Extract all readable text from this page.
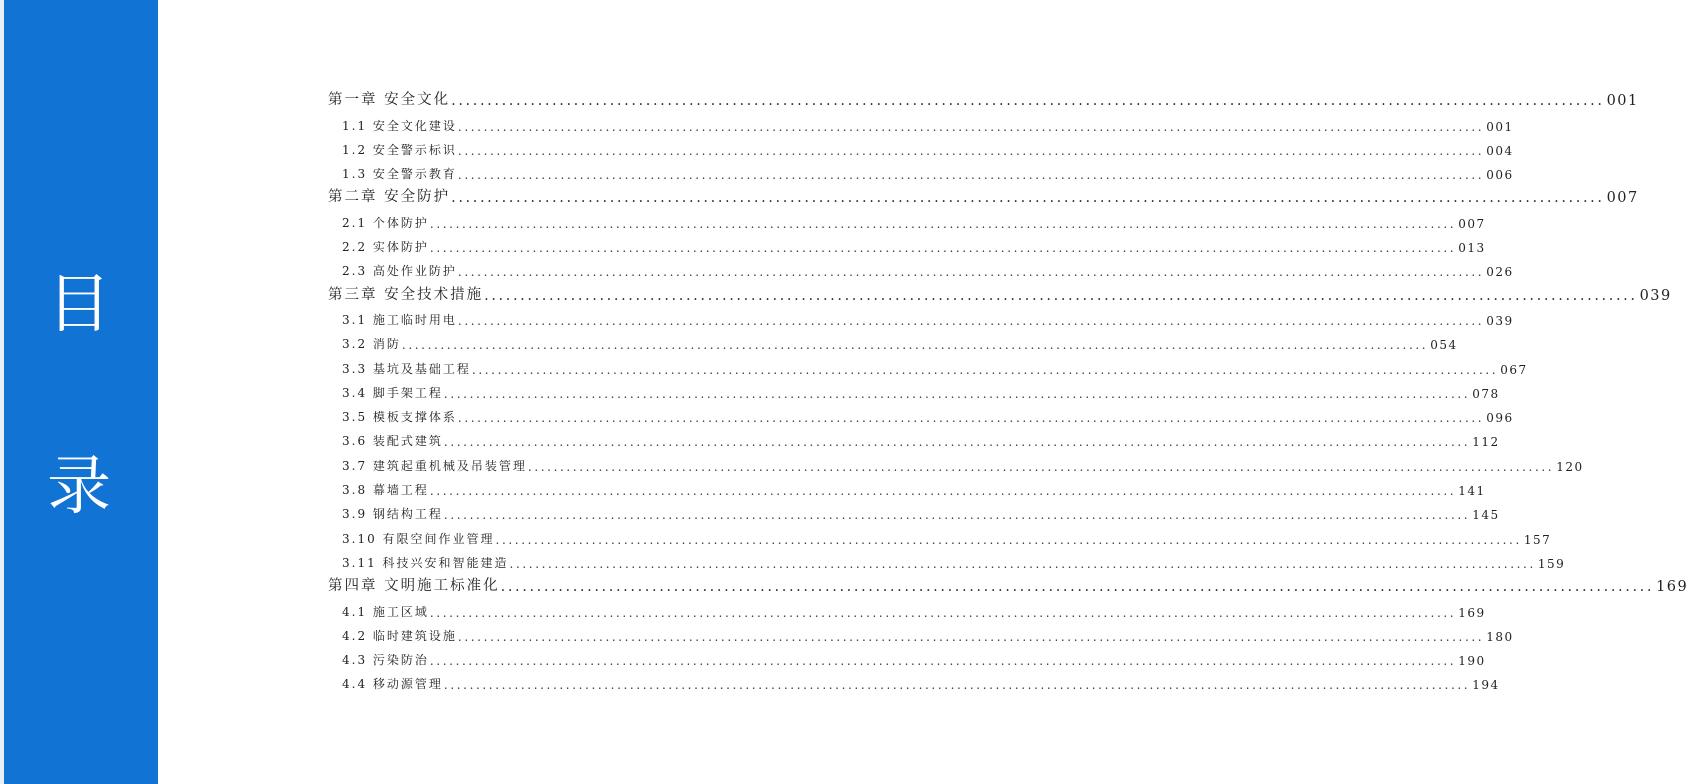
目
录
第一章 安全文化 ................................................................................................................................................................ 001
1.1 安全文化建设 ................................................................................................................................................................ 001
1.2 安全警示标识 ................................................................................................................................................................ 004
1.3 安全警示教育 ................................................................................................................................................................ 006
第二章 安全防护 ................................................................................................................................................................ 007
2.1 个体防护 ................................................................................................................................................................ 007
2.2 实体防护 ................................................................................................................................................................ 013
2.3 高处作业防护 ................................................................................................................................................................ 026
第三章 安全技术措施 ................................................................................................................................................................ 039
3.1 施工临时用电 ................................................................................................................................................................ 039
3.2 消防 ................................................................................................................................................................ 054
3.3 基坑及基础工程 ................................................................................................................................................................ 067
3.4 脚手架工程 ................................................................................................................................................................ 078
3.5 模板支撑体系 ................................................................................................................................................................ 096
3.6 装配式建筑 ................................................................................................................................................................ 112
3.7 建筑起重机械及吊装管理 ................................................................................................................................................................ 120
3.8 幕墙工程 ................................................................................................................................................................ 141
3.9 钢结构工程 ................................................................................................................................................................ 145
3.10 有限空间作业管理 ................................................................................................................................................................ 157
3.11 科技兴安和智能建造 ................................................................................................................................................................ 159
第四章 文明施工标准化 ................................................................................................................................................................ 169
4.1 施工区域 ................................................................................................................................................................ 169
4.2 临时建筑设施 ................................................................................................................................................................ 180
4.3 污染防治 ................................................................................................................................................................ 190
4.4 移动源管理 ................................................................................................................................................................ 194
